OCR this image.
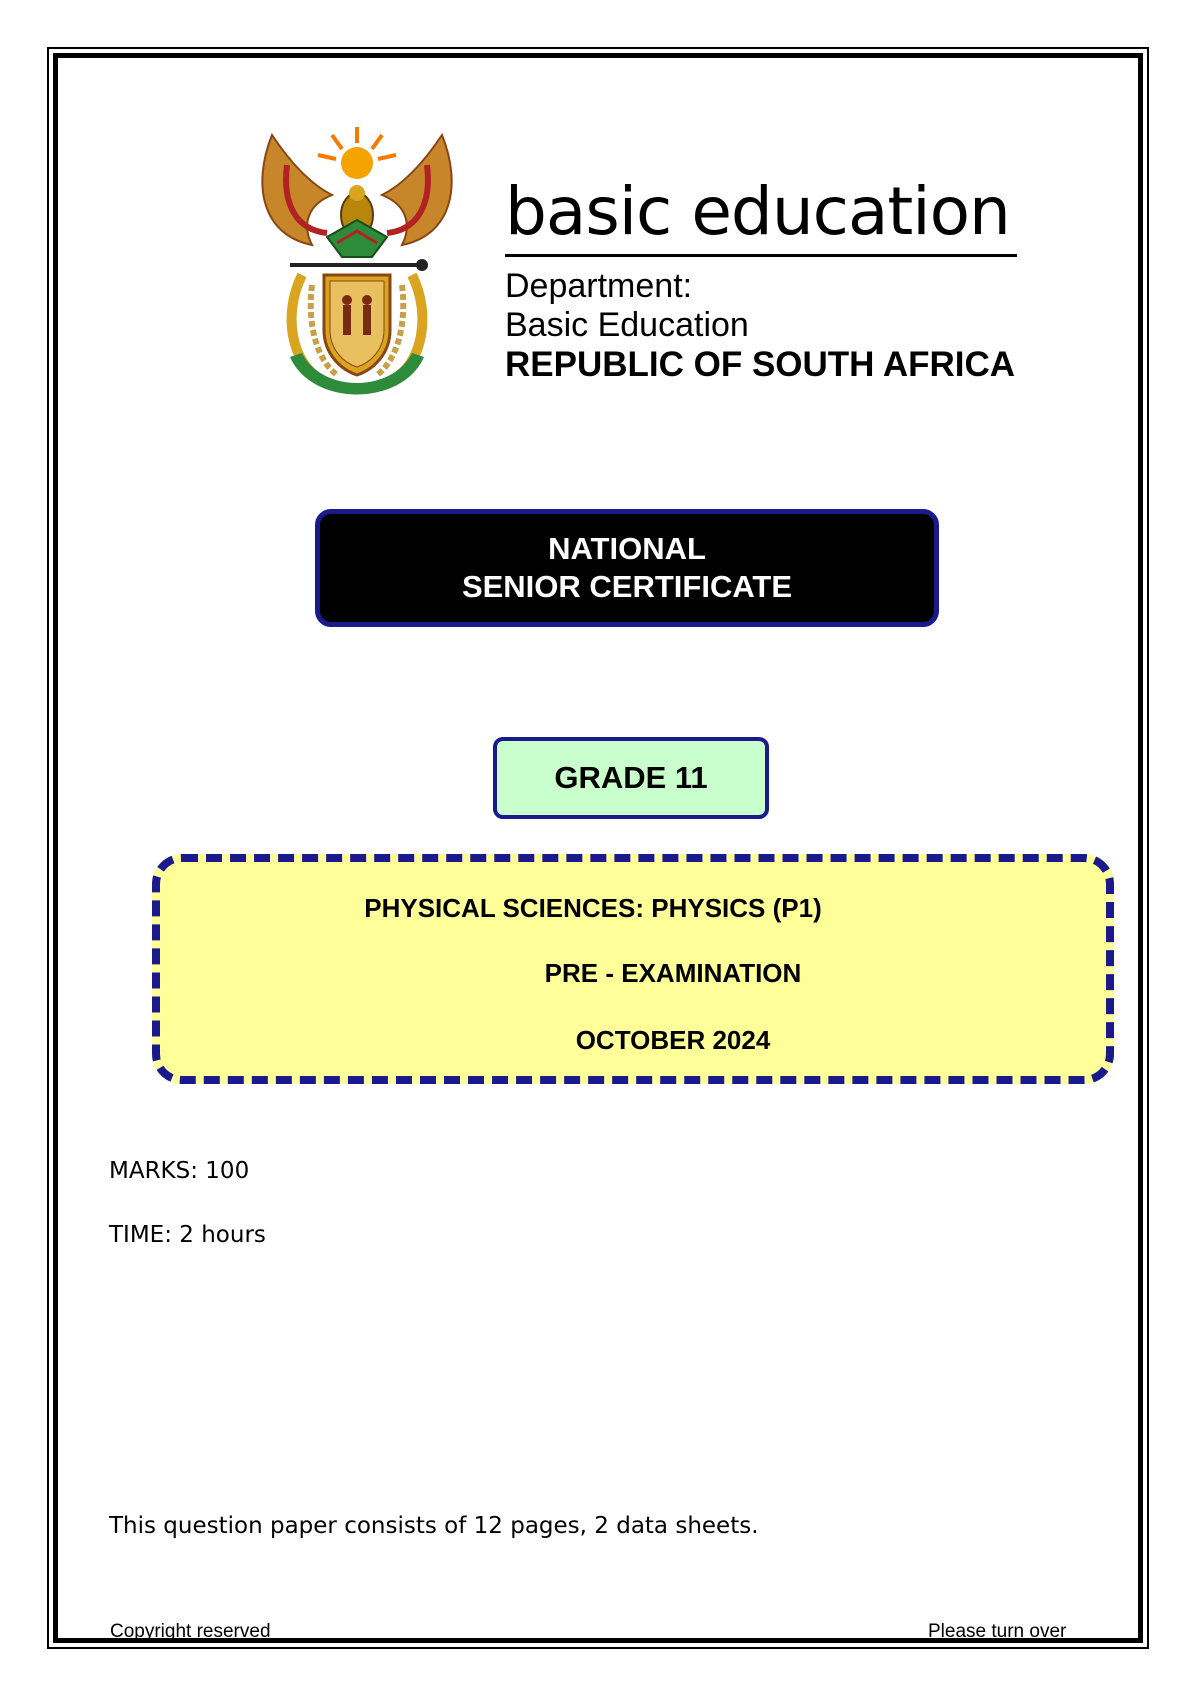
basic education
Department:
Basic Education
REPUBLIC OF SOUTH AFRICA
NATIONAL
SENIOR CERTIFICATE
GRADE 11
PHYSICAL SCIENCES: PHYSICS (P1)
PRE - EXAMINATION
OCTOBER 2024
MARKS: 100
TIME: 2 hours
This question paper consists of 12 pages, 2 data sheets.
Copyright reserved	Please turn over
